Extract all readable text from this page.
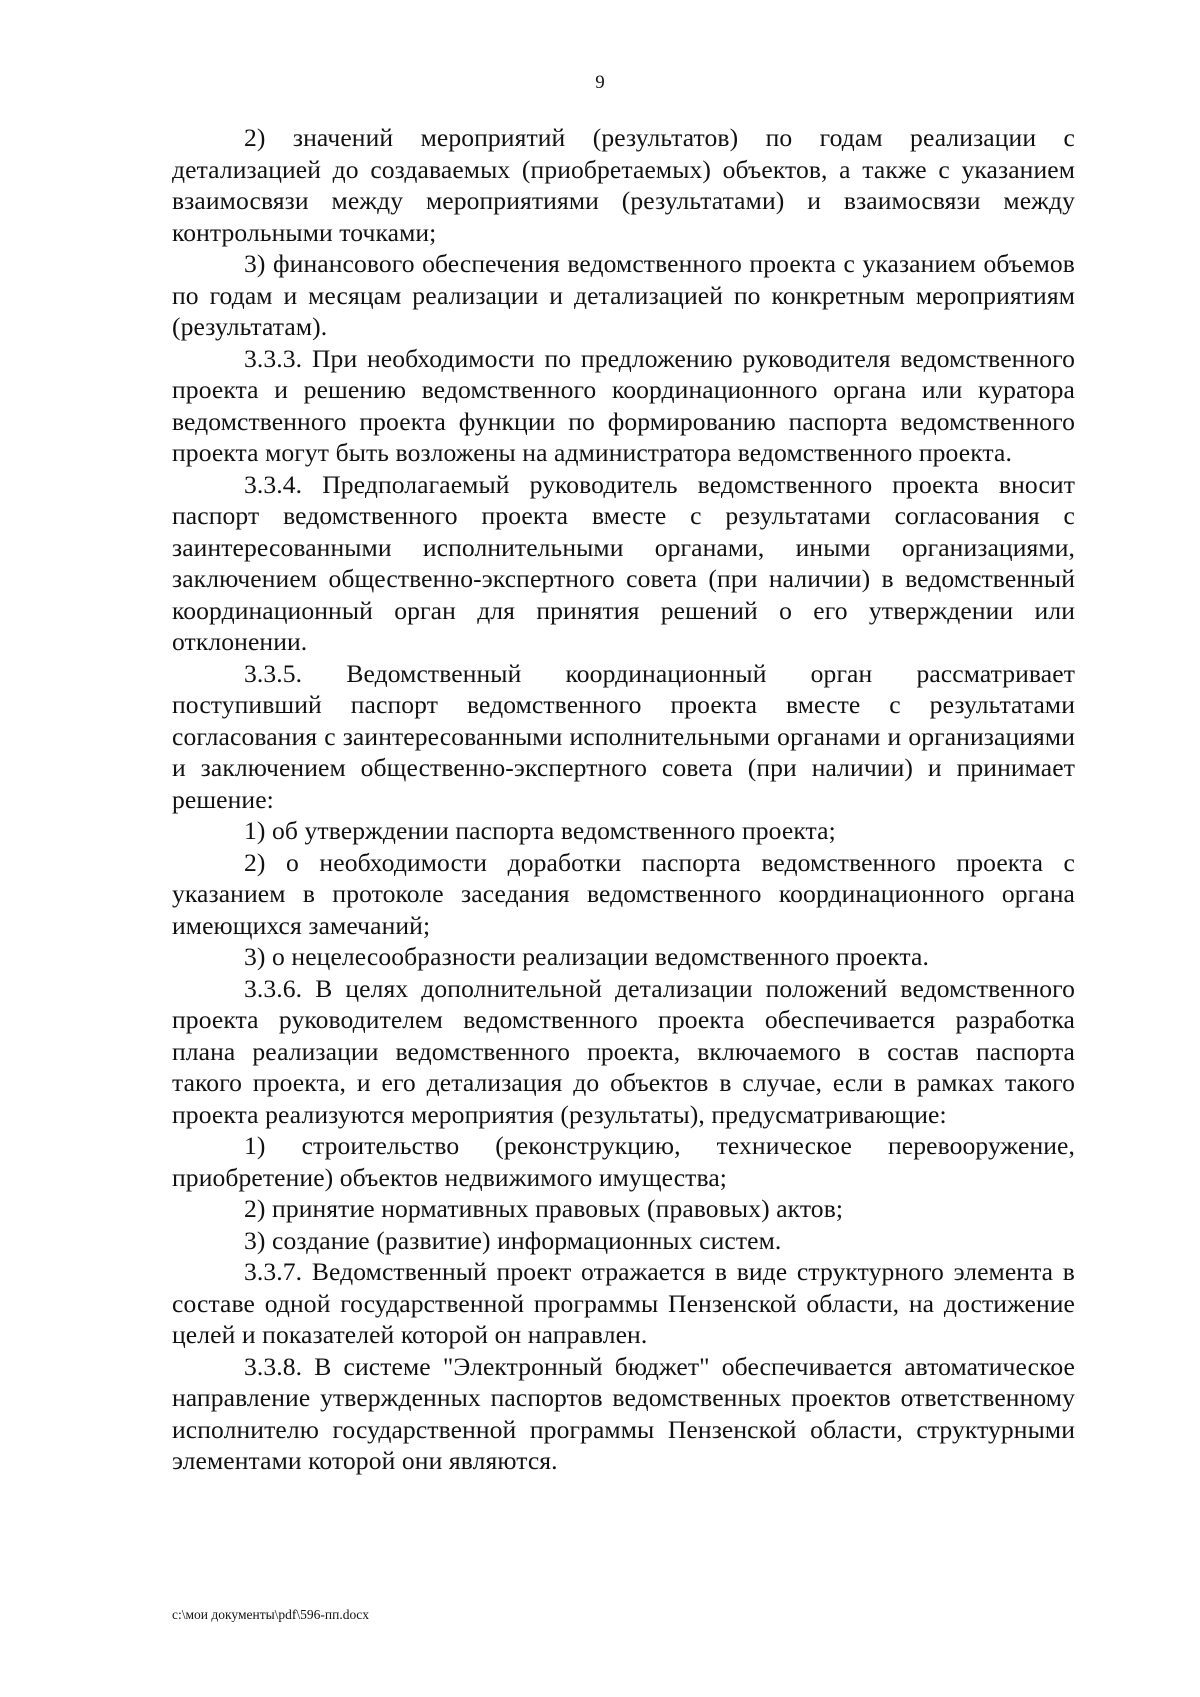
9

2) значений мероприятий (результатов) по годам реализации с детализацией до создаваемых (приобретаемых) объектов, а также с указанием взаимосвязи между мероприятиями (результатами) и взаимосвязи между контрольными точками;

3) финансового обеспечения ведомственного проекта с указанием объемов по годам и месяцам реализации и детализацией по конкретным мероприятиям (результатам).

3.3.3. При необходимости по предложению руководителя ведомственного проекта и решению ведомственного координационного органа или куратора ведомственного проекта функции по формированию паспорта ведомственного проекта могут быть возложены на администратора ведомственного проекта.

3.3.4. Предполагаемый руководитель ведомственного проекта вносит паспорт ведомственного проекта вместе с результатами согласования с заинтересованными исполнительными органами, иными организациями, заключением общественно-экспертного совета (при наличии) в ведомственный координационный орган для принятия решений о его утверждении или отклонении.

3.3.5. Ведомственный координационный орган рассматривает поступивший паспорт ведомственного проекта вместе с результатами согласования с заинтересованными исполнительными органами и организациями и заключением общественно-экспертного совета (при наличии) и принимает решение:

1) об утверждении паспорта ведомственного проекта;

2) о необходимости доработки паспорта ведомственного проекта с указанием в протоколе заседания ведомственного координационного органа имеющихся замечаний;

3) о нецелесообразности реализации ведомственного проекта.

3.3.6. В целях дополнительной детализации положений ведомственного проекта руководителем ведомственного проекта обеспечивается разработка плана реализации ведомственного проекта, включаемого в состав паспорта такого проекта, и его детализация до объектов в случае, если в рамках такого проекта реализуются мероприятия (результаты), предусматривающие:

1) строительство (реконструкцию, техническое перевооружение, приобретение) объектов недвижимого имущества;

2) принятие нормативных правовых (правовых) актов;

3) создание (развитие) информационных систем.

3.3.7. Ведомственный проект отражается в виде структурного элемента в составе одной государственной программы Пензенской области, на достижение целей и показателей которой он направлен.

3.3.8. В системе "Электронный бюджет" обеспечивается автоматическое направление утвержденных паспортов ведомственных проектов ответственному исполнителю государственной программы Пензенской области, структурными элементами которой они являются.

c:\мои документы\pdf\596-пп.docx
